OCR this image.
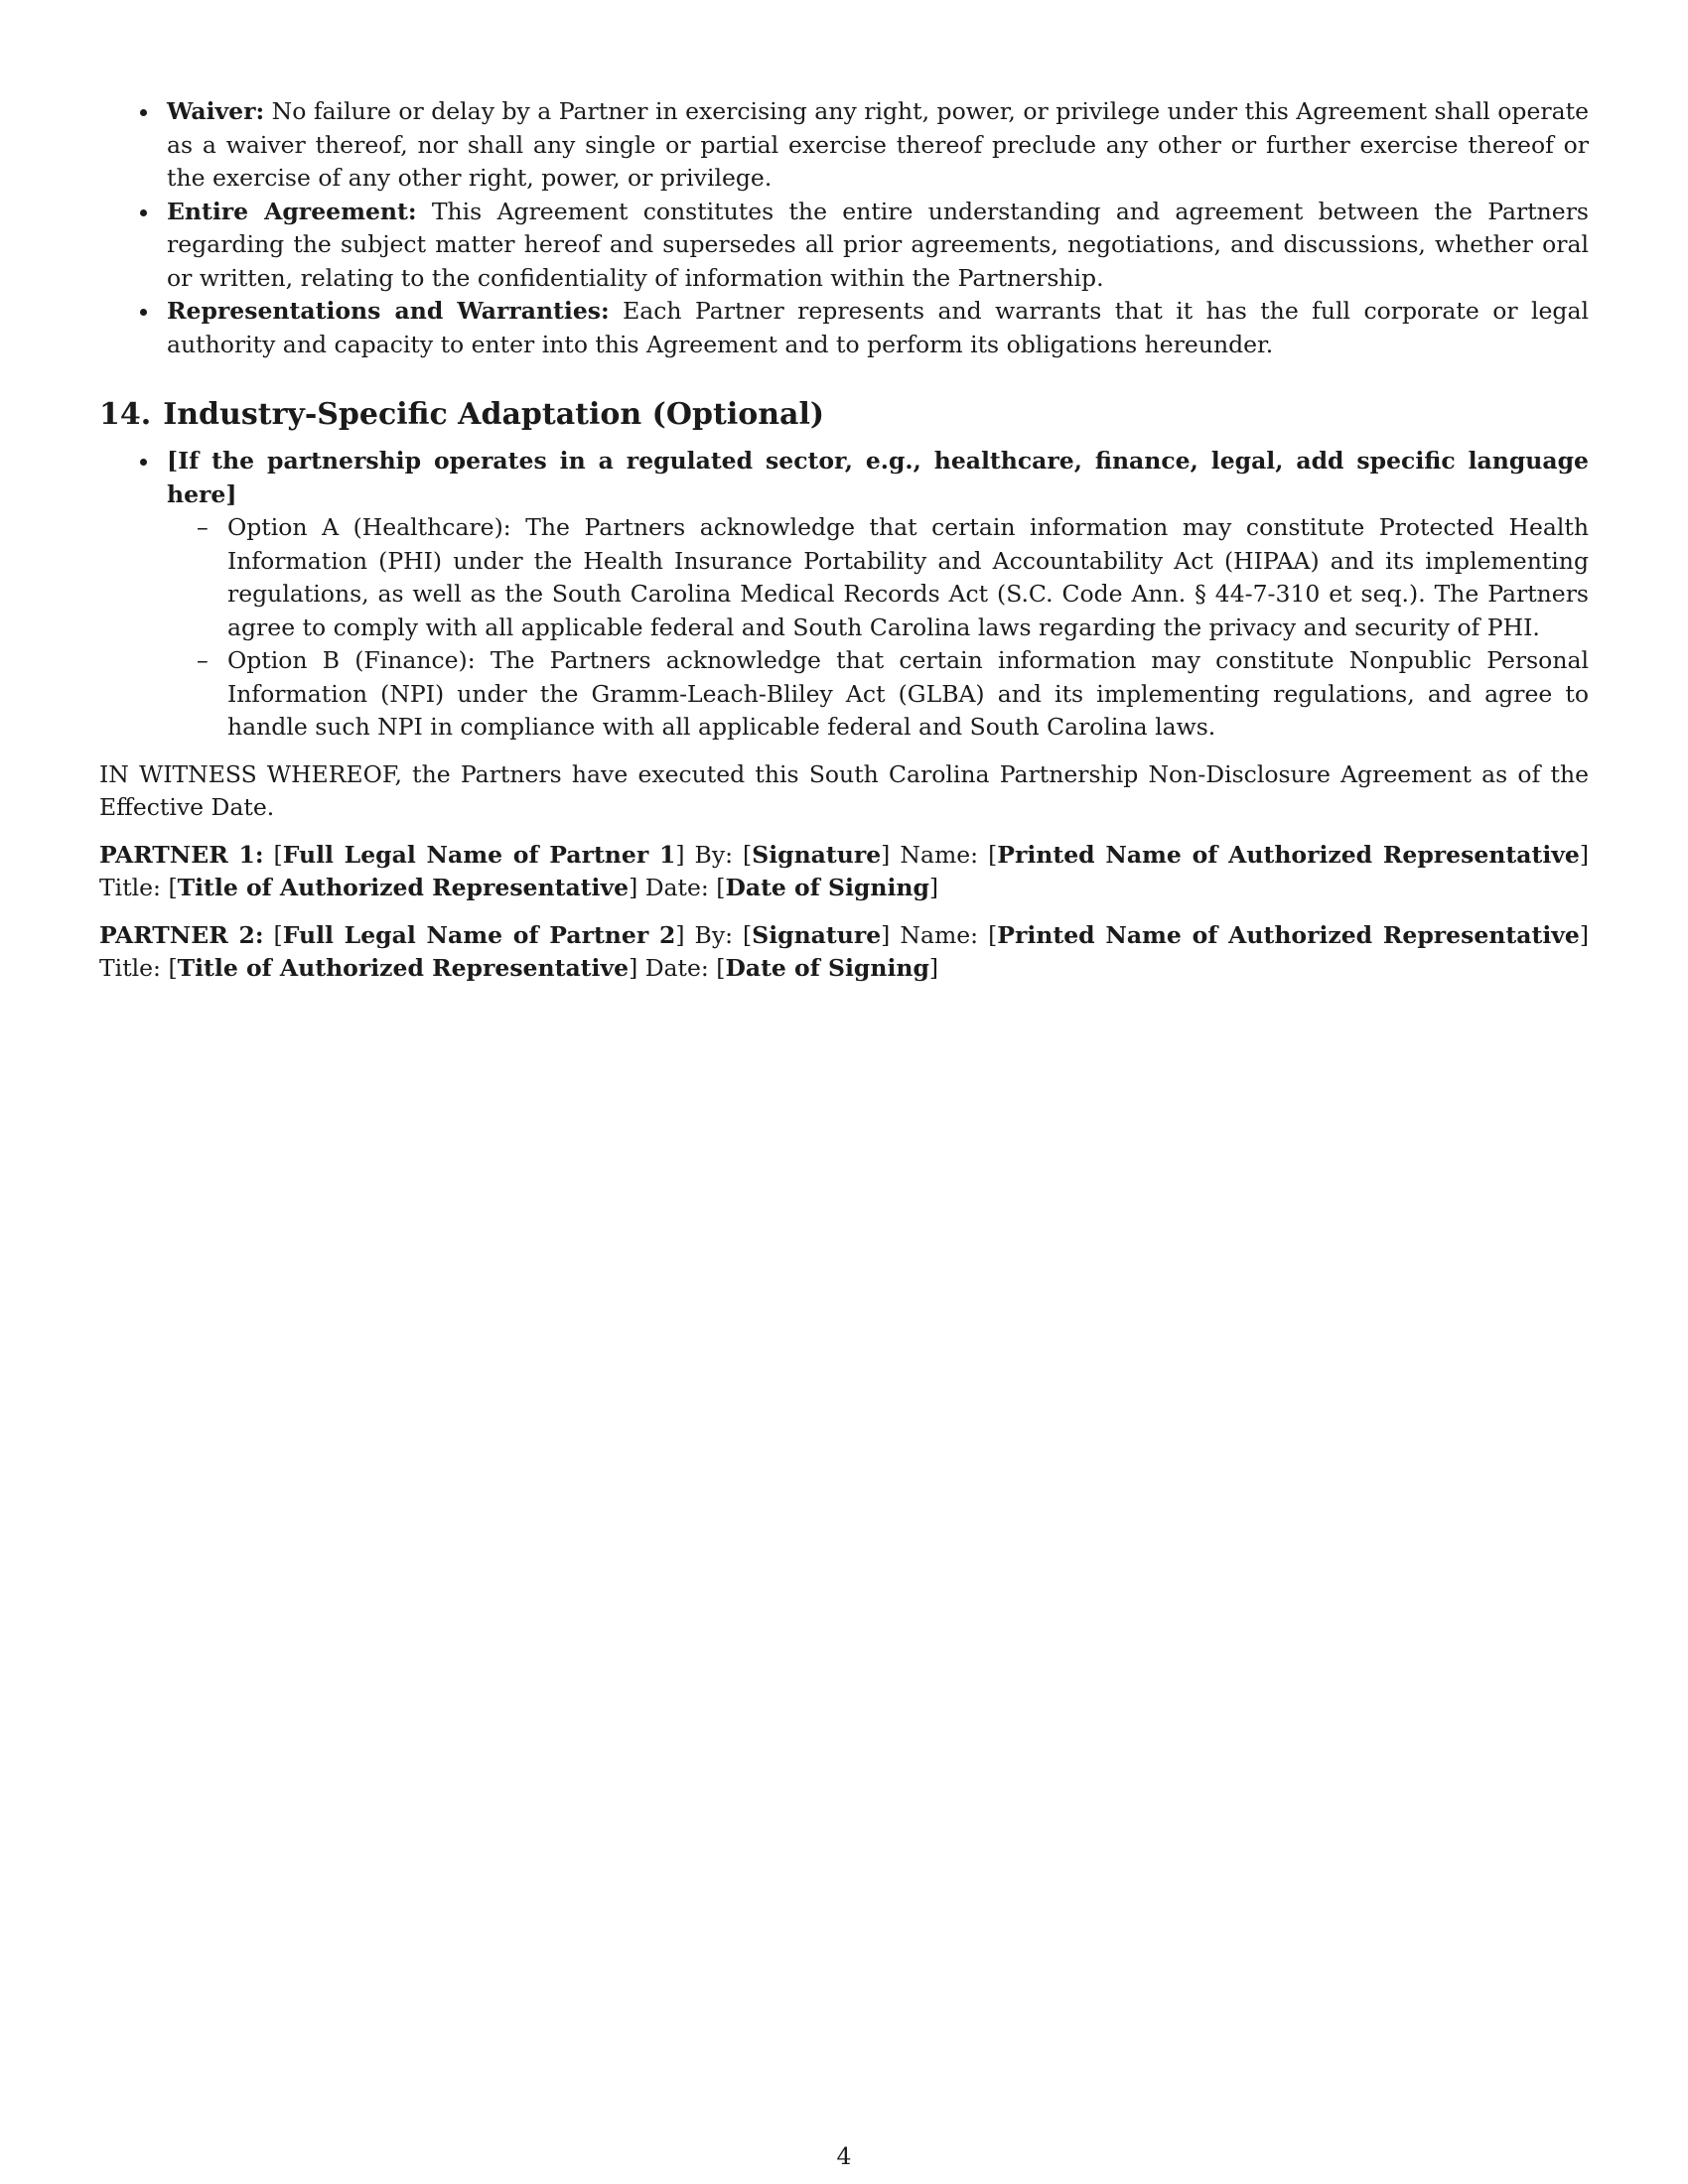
Waiver: No failure or delay by a Partner in exercising any right, power, or privilege under this Agreement shall operate as a waiver thereof, nor shall any single or partial exercise thereof preclude any other or further exercise thereof or the exercise of any other right, power, or privilege.
Entire Agreement: This Agreement constitutes the entire understanding and agreement between the Partners regarding the subject matter hereof and supersedes all prior agreements, negotiations, and discussions, whether oral or written, relating to the confidentiality of information within the Partnership.
Representations and Warranties: Each Partner represents and warrants that it has the full corporate or legal authority and capacity to enter into this Agreement and to perform its obligations hereunder.
14. Industry-Specific Adaptation (Optional)
[If the partnership operates in a regulated sector, e.g., healthcare, finance, legal, add specific language here]
– Option A (Healthcare): The Partners acknowledge that certain information may constitute Protected Health Information (PHI) under the Health Insurance Portability and Accountability Act (HIPAA) and its implementing regulations, as well as the South Carolina Medical Records Act (S.C. Code Ann. § 44-7-310 et seq.). The Partners agree to comply with all applicable federal and South Carolina laws regarding the privacy and security of PHI.
– Option B (Finance): The Partners acknowledge that certain information may constitute Nonpublic Personal Information (NPI) under the Gramm-Leach-Bliley Act (GLBA) and its implementing regulations, and agree to handle such NPI in compliance with all applicable federal and South Carolina laws.

IN WITNESS WHEREOF, the Partners have executed this South Carolina Partnership Non-Disclosure Agreement as of the Effective Date.

PARTNER 1: [Full Legal Name of Partner 1] By: [Signature] Name: [Printed Name of Authorized Representative] Title: [Title of Authorized Representative] Date: [Date of Signing]

PARTNER 2: [Full Legal Name of Partner 2] By: [Signature] Name: [Printed Name of Authorized Representative] Title: [Title of Authorized Representative] Date: [Date of Signing]

4
